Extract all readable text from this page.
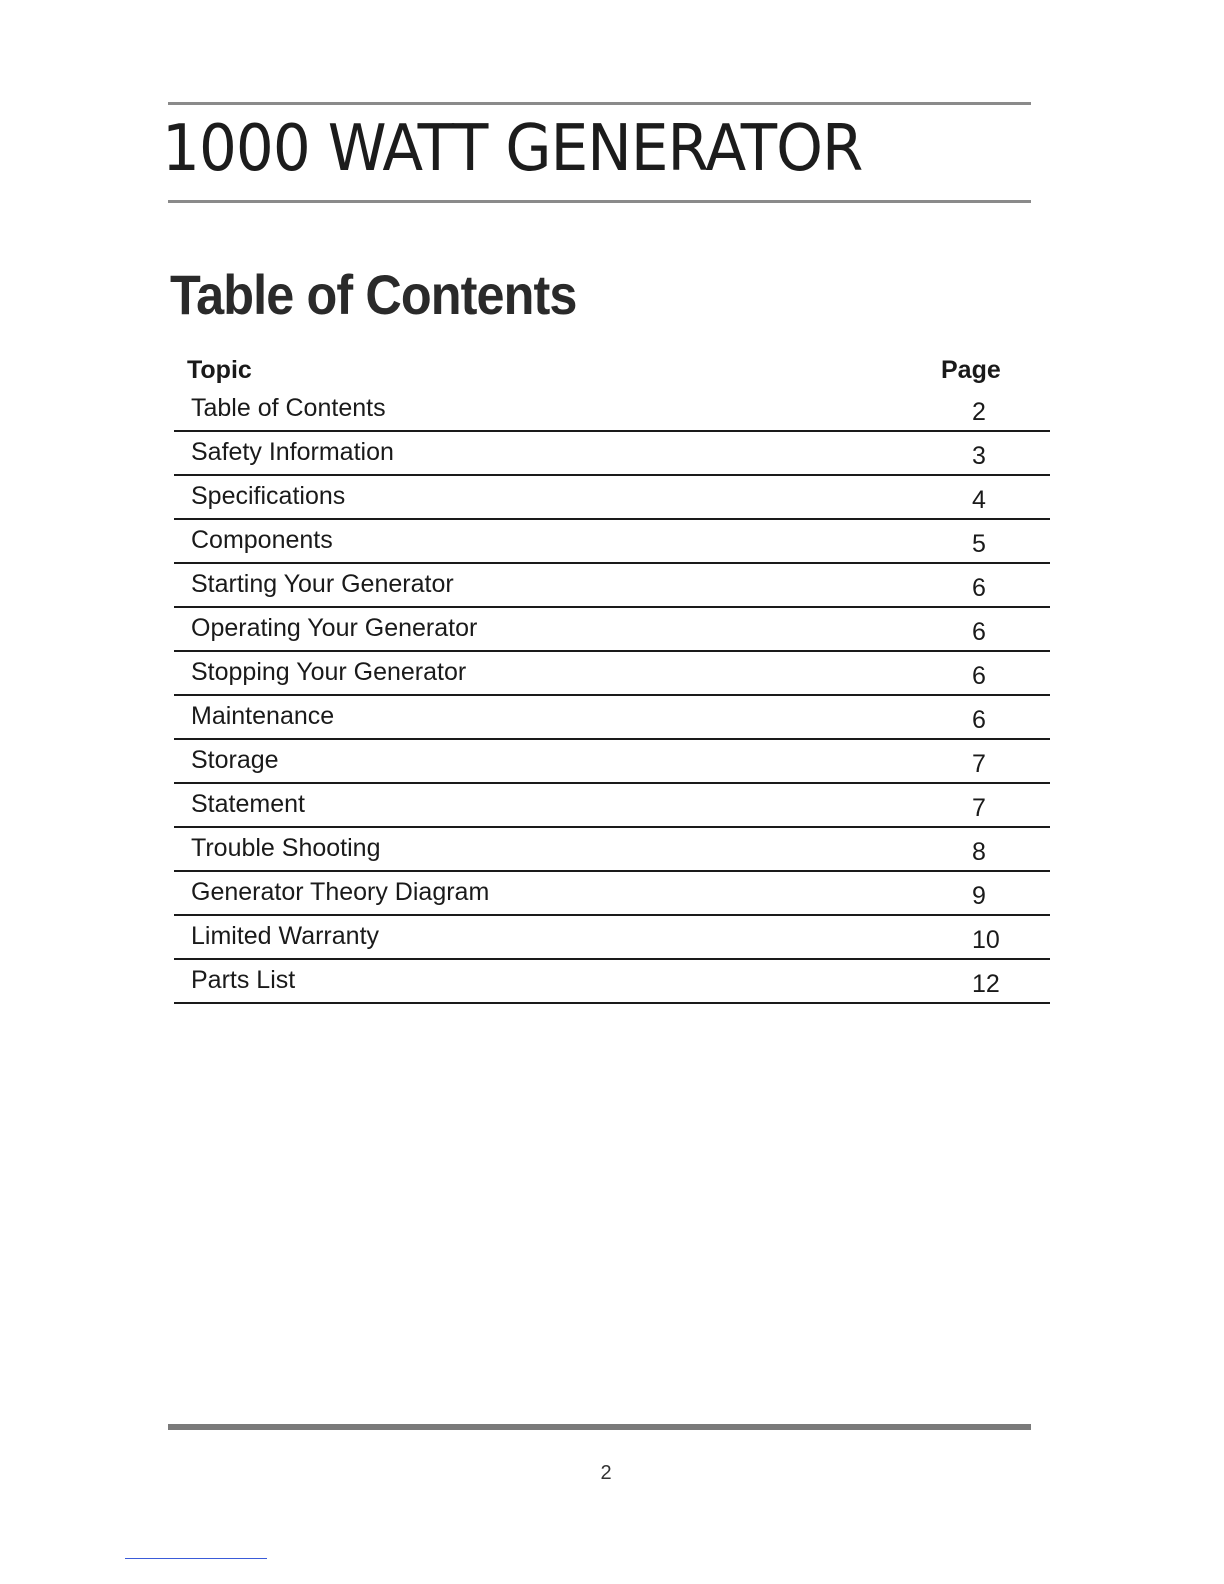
1000 WATT GENERATOR
Table of Contents
Topic	Page
Table of Contents	2
Safety Information	3
Specifications	4
Components	5
Starting Your Generator	6
Operating Your Generator	6
Stopping Your Generator	6
Maintenance	6
Storage	7
Statement	7
Trouble Shooting	8
Generator Theory Diagram	9
Limited Warranty	10
Parts List	12
2
